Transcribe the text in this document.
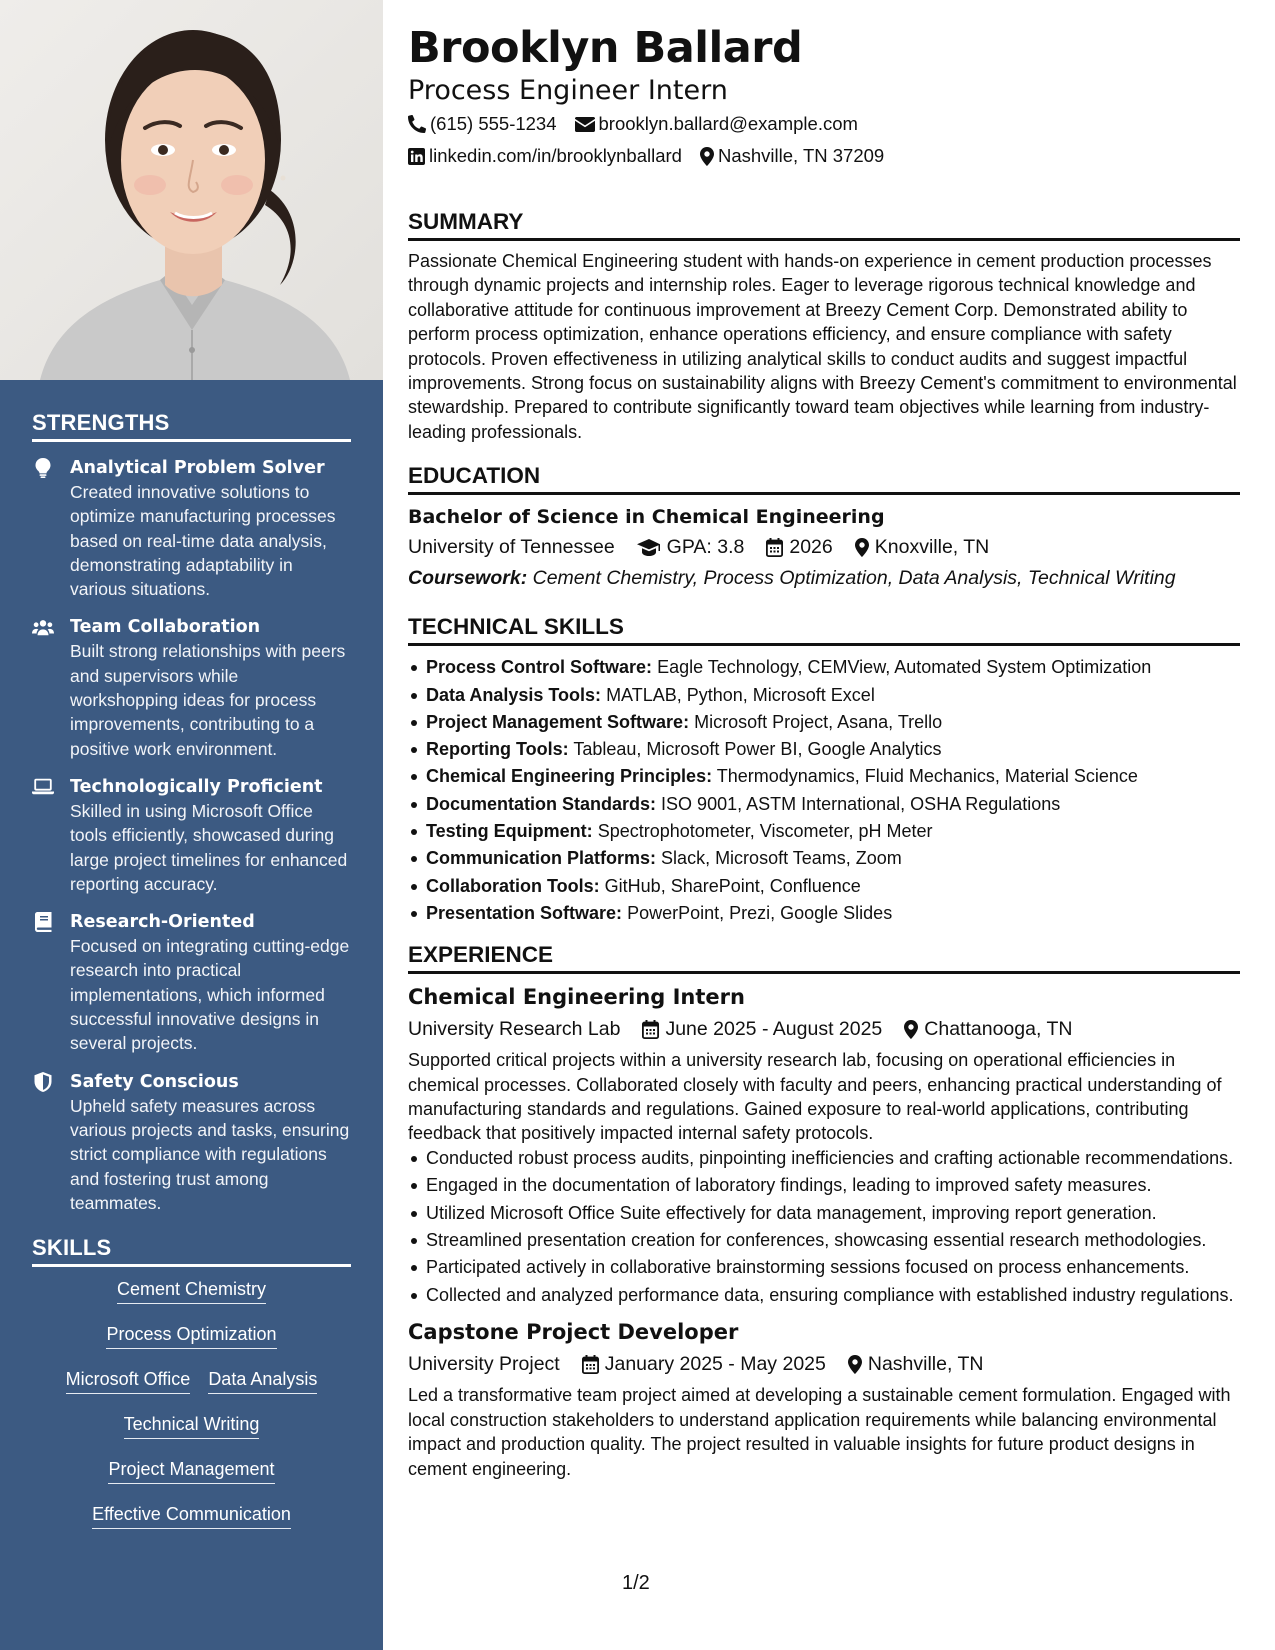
STRENGTHS
Analytical Problem Solver
Created innovative solutions to optimize manufacturing processes based on real-time data analysis, demonstrating adaptability in various situations.
Team Collaboration
Built strong relationships with peers and supervisors while workshopping ideas for process improvements, contributing to a positive work environment.
Technologically Proficient
Skilled in using Microsoft Office tools efficiently, showcased during large project timelines for enhanced reporting accuracy.
Research-Oriented
Focused on integrating cutting-edge research into practical implementations, which informed successful innovative designs in several projects.
Safety Conscious
Upheld safety measures across various projects and tasks, ensuring strict compliance with regulations and fostering trust among teammates.
SKILLS
Cement Chemistry
Process Optimization
Microsoft Office Data Analysis
Technical Writing
Project Management
Effective Communication
Brooklyn Ballard
Process Engineer Intern
(615) 555-1234 brooklyn.ballard@example.com
linkedin.com/in/brooklynballard Nashville, TN 37209
SUMMARY

Passionate Chemical Engineering student with hands-on experience in cement production processes through dynamic projects and internship roles. Eager to leverage rigorous technical knowledge and collaborative attitude for continuous improvement at Breezy Cement Corp. Demonstrated ability to perform process optimization, enhance operations efficiency, and ensure compliance with safety protocols. Proven effectiveness in utilizing analytical skills to conduct audits and suggest impactful improvements. Strong focus on sustainability aligns with Breezy Cement's commitment to environmental stewardship. Prepared to contribute significantly toward team objectives while learning from industry-leading professionals.

EDUCATION
Bachelor of Science in Chemical Engineering
University of Tennessee	GPA: 3.8 2026 Knoxville, TN
Coursework: Cement Chemistry, Process Optimization, Data Analysis, Technical Writing
TECHNICAL SKILLS
Process Control Software: Eagle Technology, CEMView, Automated System Optimization
Data Analysis Tools: MATLAB, Python, Microsoft Excel
Project Management Software: Microsoft Project, Asana, Trello
Reporting Tools: Tableau, Microsoft Power BI, Google Analytics
Chemical Engineering Principles: Thermodynamics, Fluid Mechanics, Material Science
Documentation Standards: ISO 9001, ASTM International, OSHA Regulations
Testing Equipment: Spectrophotometer, Viscometer, pH Meter
Communication Platforms: Slack, Microsoft Teams, Zoom
Collaboration Tools: GitHub, SharePoint, Confluence
Presentation Software: PowerPoint, Prezi, Google Slides
EXPERIENCE
Chemical Engineering Intern
University Research Lab June 2025 - August 2025 Chattanooga, TN

Supported critical projects within a university research lab, focusing on operational efficiencies in chemical processes. Collaborated closely with faculty and peers, enhancing practical understanding of manufacturing standards and regulations. Gained exposure to real-world applications, contributing feedback that positively impacted internal safety protocols.

Conducted robust process audits, pinpointing inefficiencies and crafting actionable recommendations.
Engaged in the documentation of laboratory findings, leading to improved safety measures.
Utilized Microsoft Office Suite effectively for data management, improving report generation.
Streamlined presentation creation for conferences, showcasing essential research methodologies.
Participated actively in collaborative brainstorming sessions focused on process enhancements.
Collected and analyzed performance data, ensuring compliance with established industry regulations.
Capstone Project Developer
University Project January 2025 - May 2025 Nashville, TN

Led a transformative team project aimed at developing a sustainable cement formulation. Engaged with local construction stakeholders to understand application requirements while balancing environmental impact and production quality. The project resulted in valuable insights for future product designs in cement engineering.

1/2
